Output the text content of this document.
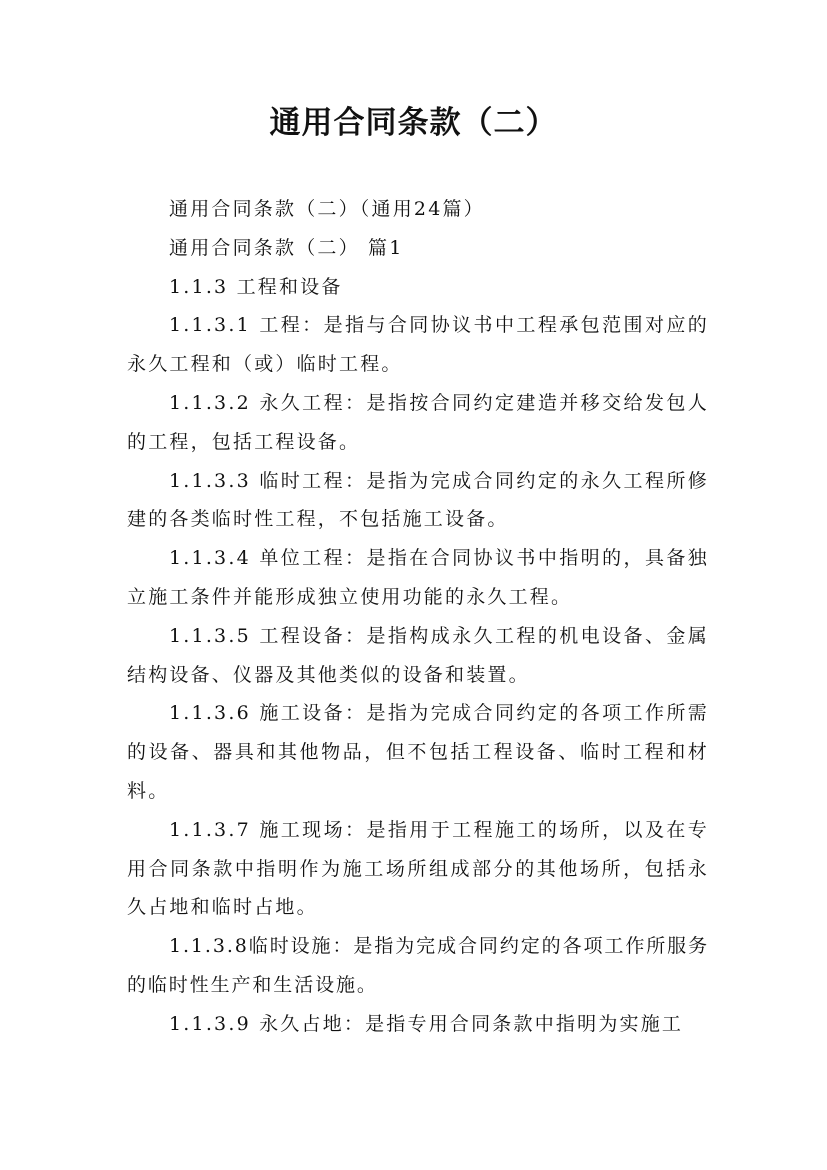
通用合同条款（二）

通用合同条款（二）（通用24篇）

通用合同条款（二） 篇1

1.1.3 工程和设备

1.1.3.1 工程：是指与合同协议书中工程承包范围对应的永久工程和（或）临时工程。

1.1.3.2 永久工程：是指按合同约定建造并移交给发包人的工程，包括工程设备。

1.1.3.3 临时工程：是指为完成合同约定的永久工程所修建的各类临时性工程，不包括施工设备。

1.1.3.4 单位工程：是指在合同协议书中指明的，具备独立施工条件并能形成独立使用功能的永久工程。

1.1.3.5 工程设备：是指构成永久工程的机电设备、金属结构设备、仪器及其他类似的设备和装置。

1.1.3.6 施工设备：是指为完成合同约定的各项工作所需的设备、器具和其他物品，但不包括工程设备、临时工程和材料。

1.1.3.7 施工现场：是指用于工程施工的场所，以及在专用合同条款中指明作为施工场所组成部分的其他场所，包括永久占地和临时占地。

1.1.3.8临时设施：是指为完成合同约定的各项工作所服务的临时性生产和生活设施。

1.1.3.9 永久占地：是指专用合同条款中指明为实施工
